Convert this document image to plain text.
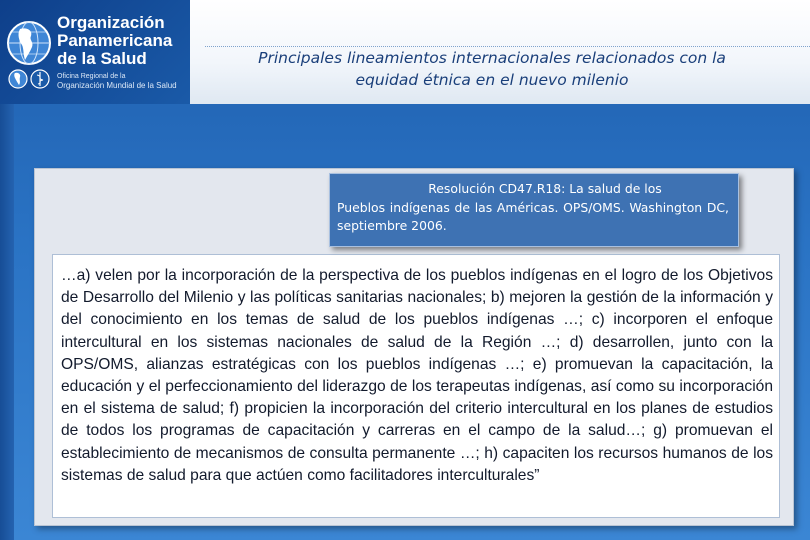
Organización
Panamericana
de la Salud
Oficina Regional de la
Organización Mundial de la Salud
Principales lineamientos internacionales relacionados con la
equidad étnica en el nuevo milenio
…a) velen por la incorporación de la perspectiva de los pueblos indígenas en el logro de los Objetivos de Desarrollo del Milenio y las políticas sanitarias nacionales; b) mejoren la gestión de la información y del conocimiento en los temas de salud de los pueblos indígenas …; c) incorporen el enfoque intercultural en los sistemas nacionales de salud de la Región …; d) desarrollen, junto con la OPS/OMS, alianzas estratégicas con los pueblos indígenas …; e) promuevan la capacitación, la educación y el perfeccionamiento del liderazgo de los terapeutas indígenas, así como su incorporación en el sistema de salud; f) propicien la incorporación del criterio intercultural en los planes de estudios de todos los programas de capacitación y carreras en el campo de la salud…; g) promuevan el establecimiento de mecanismos de consulta permanente …; h) capaciten los recursos humanos de los sistemas de salud para que actúen como facilitadores interculturales”
Resolución CD47.R18: La salud de los
Pueblos indígenas de las Américas. OPS/OMS. Washington DC, septiembre 2006.
